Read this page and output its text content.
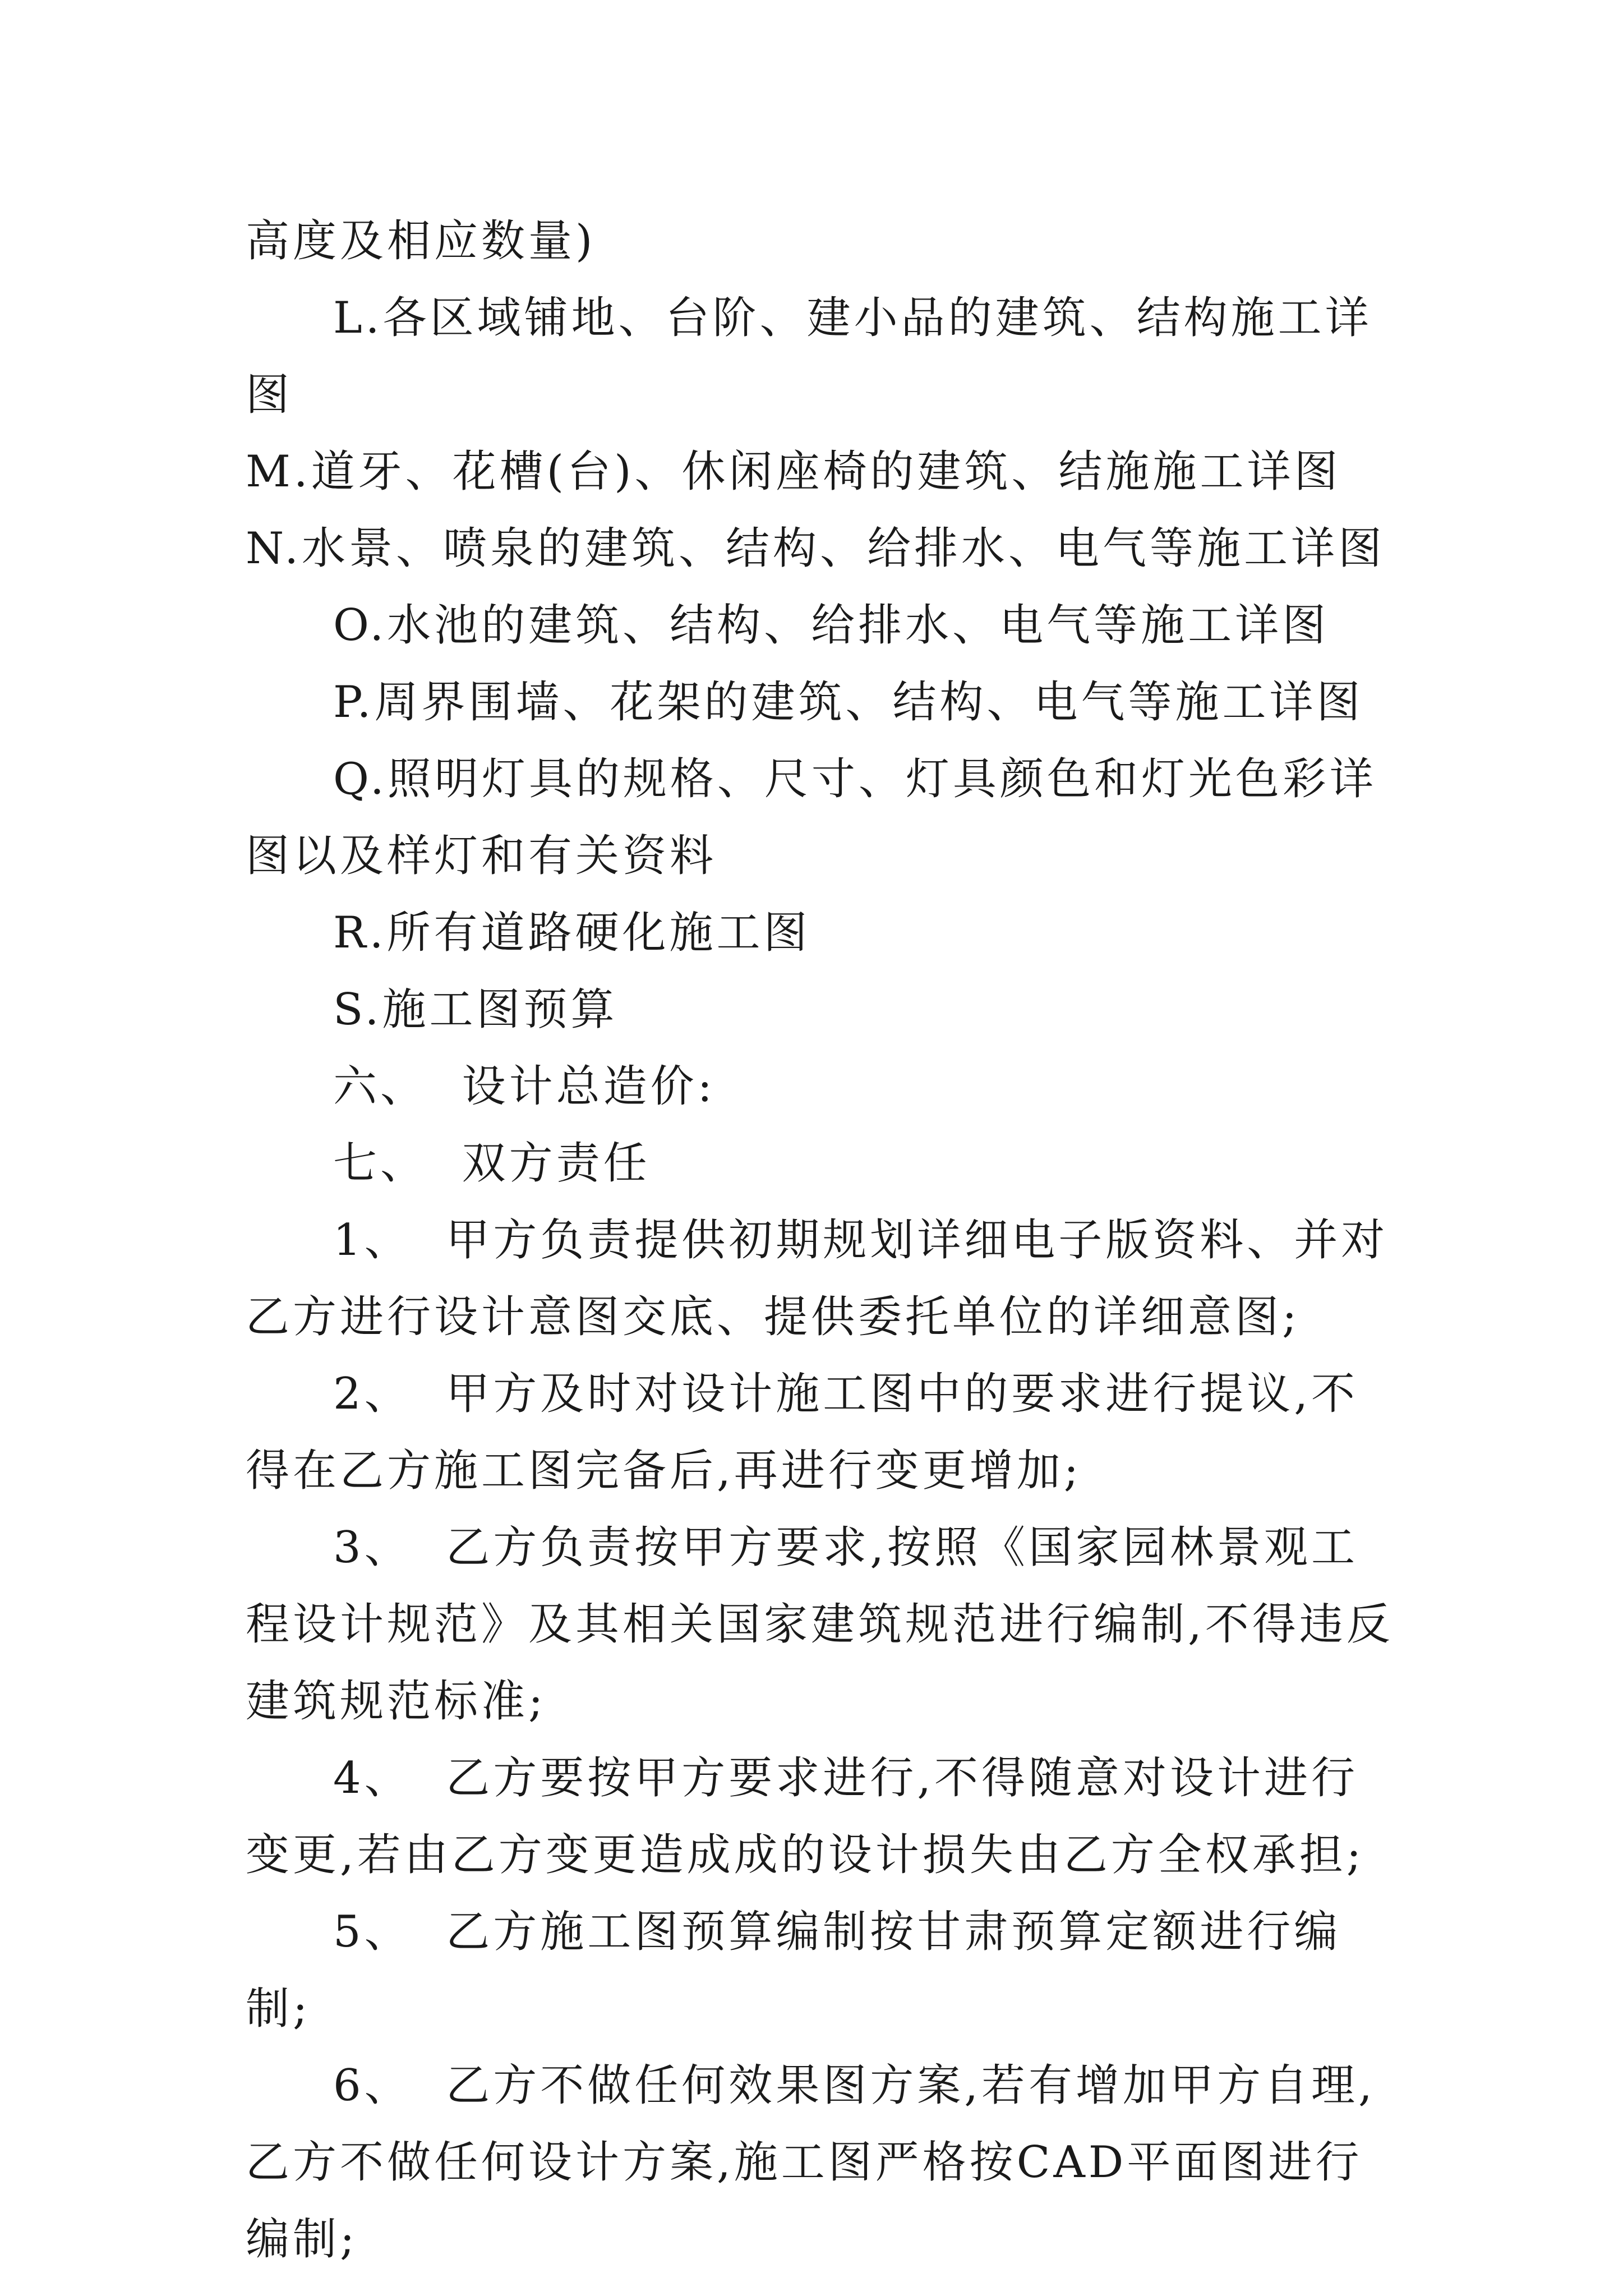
高度及相应数量)

L.各区域铺地、台阶、建小品的建筑、结构施工详图

M.道牙、花槽(台)、休闲座椅的建筑、结施施工详图N.水景、喷泉的建筑、结构、给排水、电气等施工详图

O.水池的建筑、结构、给排水、电气等施工详图

P.周界围墙、花架的建筑、结构、电气等施工详图

Q.照明灯具的规格、尺寸、灯具颜色和灯光色彩详图以及样灯和有关资料

R.所有道路硬化施工图

S.施工图预算

六、  设计总造价:

七、  双方责任

1、  甲方负责提供初期规划详细电子版资料、并对乙方进行设计意图交底、提供委托单位的详细意图;

2、  甲方及时对设计施工图中的要求进行提议,不得在乙方施工图完备后,再进行变更增加;

3、  乙方负责按甲方要求,按照《国家园林景观工程设计规范》及其相关国家建筑规范进行编制,不得违反建筑规范标准;

4、  乙方要按甲方要求进行,不得随意对设计进行变更,若由乙方变更造成成的设计损失由乙方全权承担;

5、  乙方施工图预算编制按甘肃预算定额进行编制;

6、  乙方不做任何效果图方案,若有增加甲方自理,乙方不做任何设计方案,施工图严格按CAD平面图进行编制;
